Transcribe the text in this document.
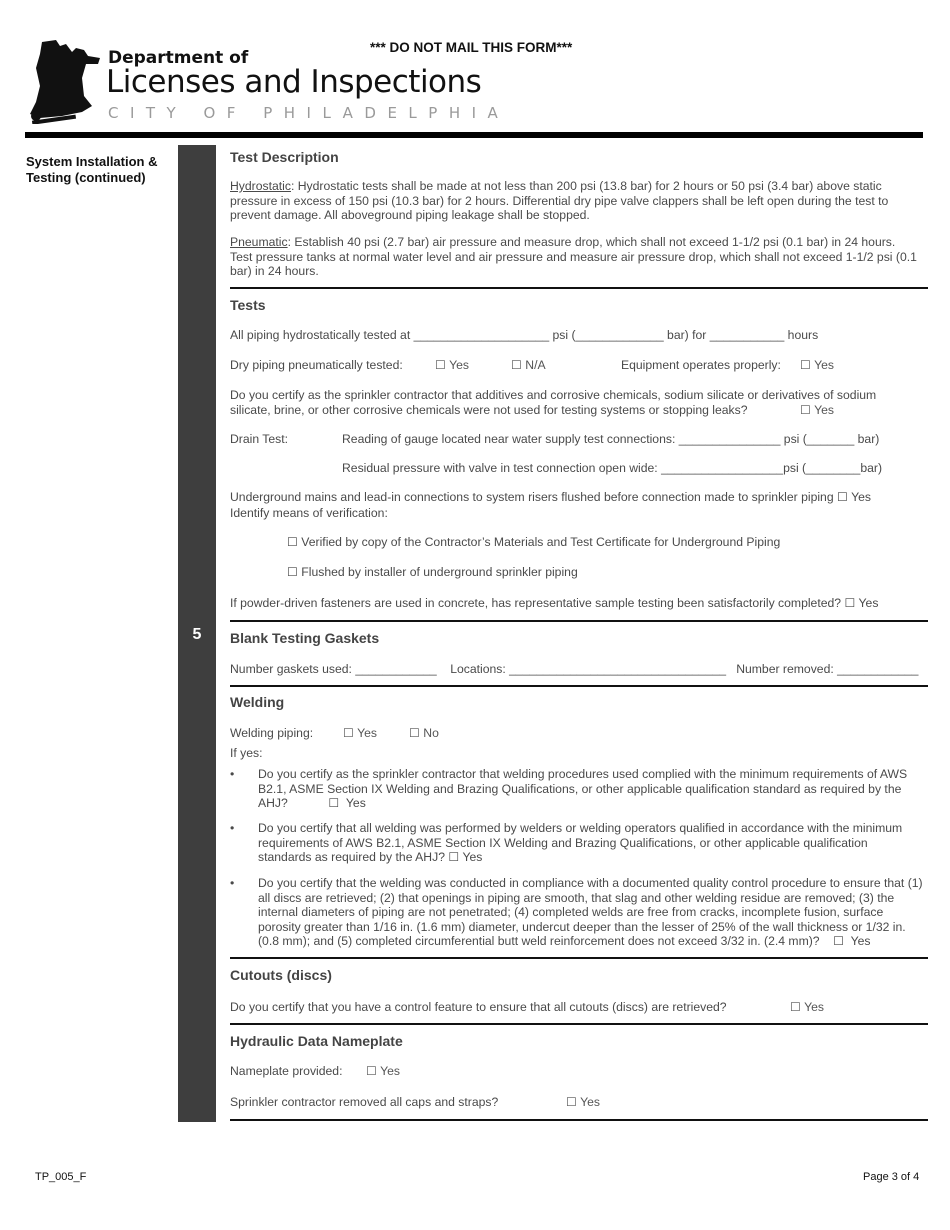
*** DO NOT MAIL THIS FORM***
Department of
Licenses and Inspections
CITY OF PHILADELPHIA
System Installation & Testing (continued)
5
Test Description
Hydrostatic: Hydrostatic tests shall be made at not less than 200 psi (13.8 bar) for 2 hours or 50 psi (3.4 bar) above static pressure in excess of 150 psi (10.3 bar) for 2 hours. Differential dry pipe valve clappers shall be left open during the test to prevent damage. All aboveground piping leakage shall be stopped.
Pneumatic: Establish 40 psi (2.7 bar) air pressure and measure drop, which shall not exceed 1-1/2 psi (0.1 bar) in 24 hours. Test pressure tanks at normal water level and air pressure and measure air pressure drop, which shall not exceed 1-1/2 psi (0.1 bar) in 24 hours.
Tests
All piping hydrostatically tested at ____________________ psi (_____________ bar) for ___________ hours
Dry piping pneumatically tested:	☐ Yes	☐ N/A	Equipment operates properly: ☐ Yes
Do you certify as the sprinkler contractor that additives and corrosive chemicals, sodium silicate or derivatives of sodium silicate, brine, or other corrosive chemicals were not used for testing systems or stopping leaks?	☐ Yes
Drain Test:	Reading of gauge located near water supply test connections: _______________ psi (_______ bar)
Residual pressure with valve in test connection open wide: __________________psi (________bar)
Underground mains and lead-in connections to system risers flushed before connection made to sprinkler piping ☐ Yes
Identify means of verification:
☐ Verified by copy of the Contractor’s Materials and Test Certificate for Underground Piping
☐ Flushed by installer of underground sprinkler piping
If powder-driven fasteners are used in concrete, has representative sample testing been satisfactorily completed? ☐ Yes
Blank Testing Gaskets
Number gaskets used: ____________    Locations: ________________________________   Number removed: ____________
Welding
Welding piping: ☐ Yes	☐ No
If yes:
• Do you certify as the sprinkler contractor that welding procedures used complied with the minimum requirements of AWS B2.1, ASME Section IX Welding and Brazing Qualifications, or other applicable qualification standard as required by the AHJ?            ☐  Yes
• Do you certify that all welding was performed by welders or welding operators qualified in accordance with the minimum requirements of AWS B2.1, ASME Section IX Welding and Brazing Qualifications, or other applicable qualification standards as required by the AHJ? ☐ Yes
• Do you certify that the welding was conducted in compliance with a documented quality control procedure to ensure that (1) all discs are retrieved; (2) that openings in piping are smooth, that slag and other welding residue are removed; (3) the internal diameters of piping are not penetrated; (4) completed welds are free from cracks, incomplete fusion, surface porosity greater than 1/16 in. (1.6 mm) diameter, undercut deeper than the lesser of 25% of the wall thickness or 1/32 in. (0.8 mm); and (5) completed circumferential butt weld reinforcement does not exceed 3/32 in. (2.4 mm)?    ☐  Yes
Cutouts (discs)
Do you certify that you have a control feature to ensure that all cutouts (discs) are retrieved?	☐ Yes
Hydraulic Data Nameplate
Nameplate provided: ☐ Yes
Sprinkler contractor removed all caps and straps?	☐ Yes
TP_005_F	Page 3 of 4
